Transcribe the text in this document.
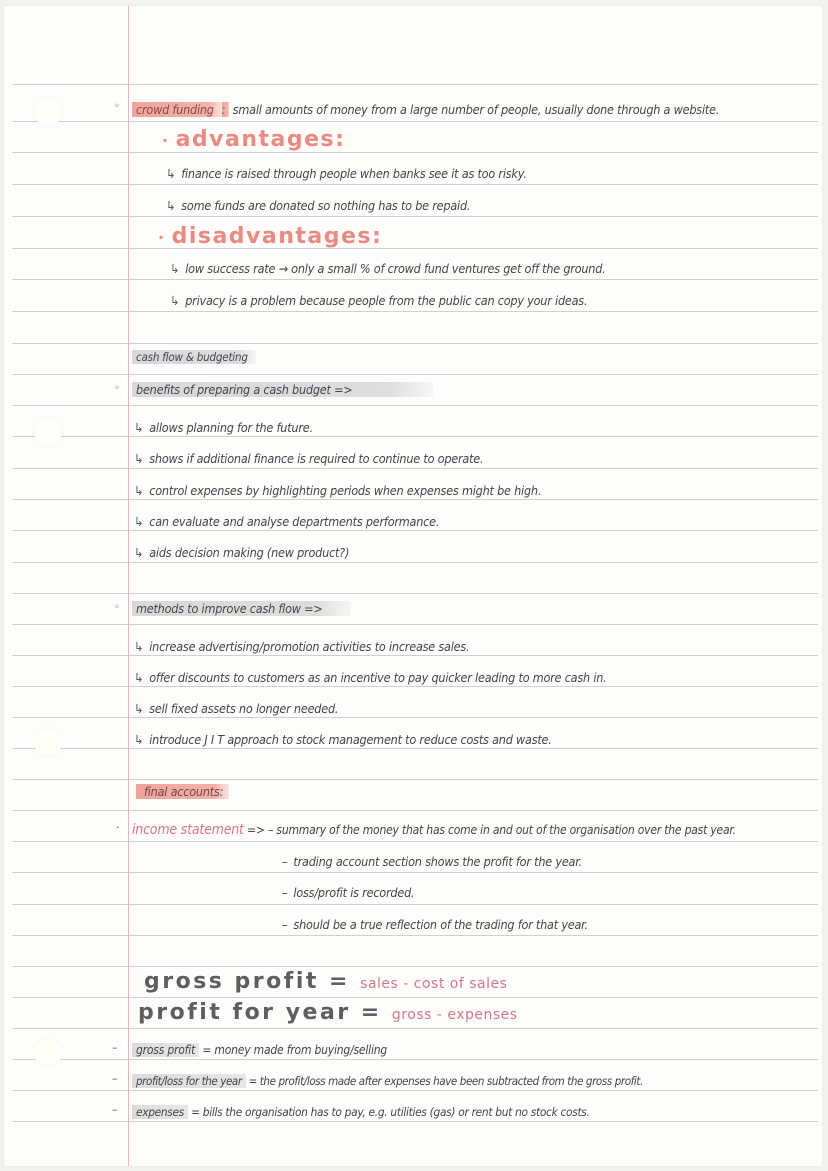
◦	crowd funding : small amounts of money from a large number of people, usually done through a website.
· advantages:
↳ finance is raised through people when banks see it as too risky.
↳ some funds are donated so nothing has to be repaid.
· disadvantages:
↳ low success rate → only a small % of crowd fund ventures get off the ground.
↳ privacy is a problem because people from the public can copy your ideas.
cash flow & budgeting
◦	benefits of preparing a cash budget =>
↳ allows planning for the future.
↳ shows if additional finance is required to continue to operate.
↳ control expenses by highlighting periods when expenses might be high.
↳ can evaluate and analyse departments performance.
↳ aids decision making (new product?)
◦	methods to improve cash flow =>
↳ increase advertising/promotion activities to increase sales.
↳ offer discounts to customers as an incentive to pay quicker leading to more cash in.
↳ sell fixed assets no longer needed.
↳ introduce J I T approach to stock management to reduce costs and waste.
final accounts:
· income statement => – summary of the money that has come in and out of the organisation over the past year.
– trading account section shows the profit for the year.
– loss/profit is recorded.
– should be a true reflection of the trading for that year.
gross profit = sales - cost of sales
profit for year = gross - expenses
–	gross profit = money made from buying/selling
–	profit/loss for the year = the profit/loss made after expenses have been subtracted from the gross profit.
–	expenses = bills the organisation has to pay, e.g. utilities (gas) or rent but no stock costs.
